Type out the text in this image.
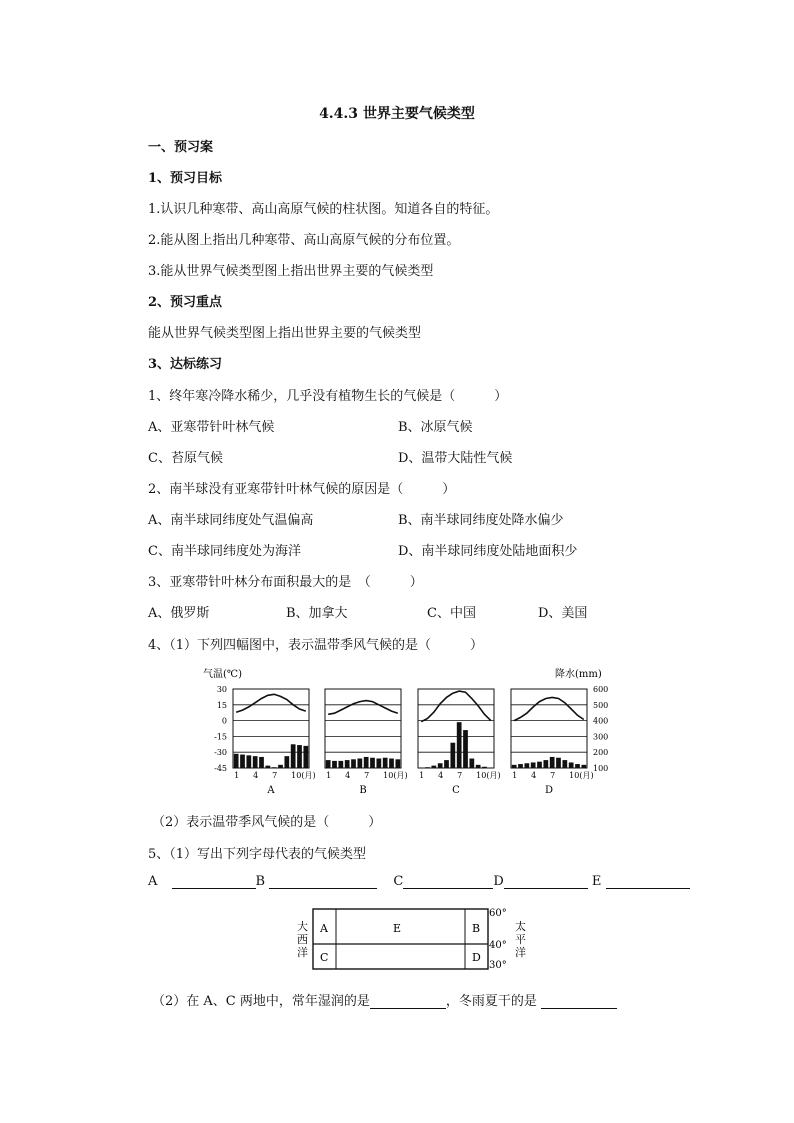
4.4.3 世界主要气候类型
一、预习案
1、预习目标
1.认识几种寒带、高山高原气候的柱状图。知道各自的特征。
2.能从图上指出几种寒带、高山高原气候的分布位置。
3.能从世界气候类型图上指出世界主要的气候类型
2、预习重点
能从世界气候类型图上指出世界主要的气候类型
3、达标练习
1、终年寒冷降水稀少，几乎没有植物生长的气候是（　　　）
A、亚寒带针叶林气候	B、冰原气候
C、苔原气候	D、温带大陆性气候
2、南半球没有亚寒带针叶林气候的原因是（　　　）
A、南半球同纬度处气温偏高	B、南半球同纬度处降水偏少
C、南半球同纬度处为海洋	D、南半球同纬度处陆地面积少
3、亚寒带针叶林分布面积最大的是　（　　　）
A、俄罗斯	B、加拿大	C、中国	D、美国
4、（1）下列四幅图中，表示温带季风气候的是（　　　）
气温(℃)	降水(mm)
30
15
0
-15
-30
-45
600
500
400
300
200
100
1 4 7 10(月)
A
1 4 7 10(月)
B
1 4 7 10(月)
C
1 4 7 10(月)
D
（2）表示温带季风气候的是（　　　）
5、（1）写出下列字母代表的气候类型
A	B	C	D	E
大
西
洋
A	E	B
C	D
60°
40°
30°
太
平
洋
（2）在 A、C 两地中，常年湿润的是	，冬雨夏干的是
